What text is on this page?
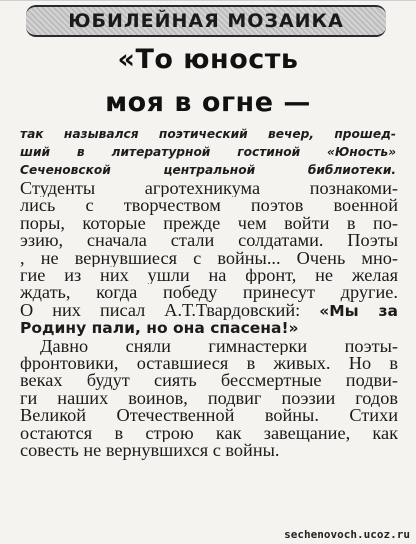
ЮБИЛЕЙНАЯ МОЗАИКА
«То юность
моя в огне —
так назывался поэтический вечер, прошед-
ший в литературной гостиной «Юность»
Сеченовской центральной библиотеки.

Студенты агротехникума познакоми-

лись с творчеством поэтов военной

поры, которые прежде чем войти в по-

эзию, сначала стали солдатами. Поэты

, не вернувшиеся с войны... Очень мно-

гие из них ушли на фронт, не желая

ждать, когда победу принесут другие.

О них писал А.Т.Твардовский: «Мы за

Родину пали, но она спасена!»

Давно сняли гимнастерки поэты-

фронтовики, оставшиеся в живых. Но в

веках будут сиять бессмертные подви-

ги наших воинов, подвиг поэзии годов

Великой Отечественной войны. Стихи

остаются в строю как завещание, как

совесть не вернувшихся с войны.

sechenovoch.ucoz.ru
